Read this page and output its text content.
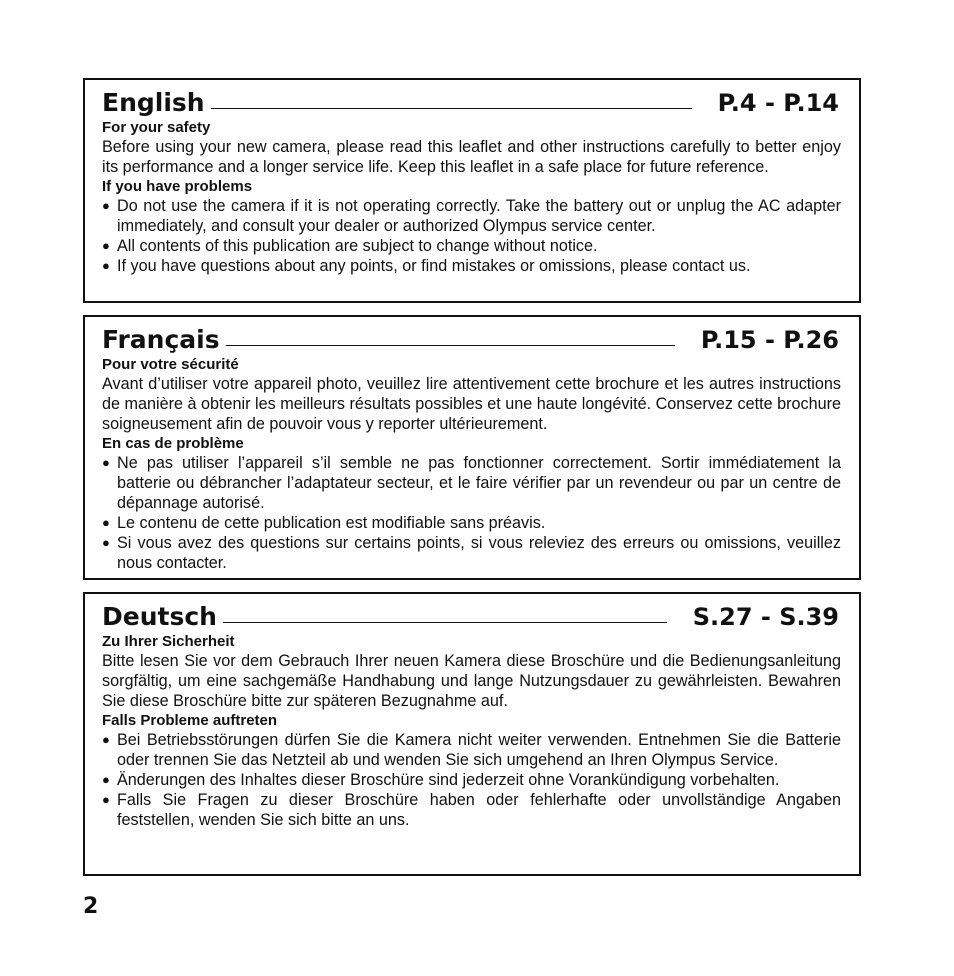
English	P.4 - P.14

For your safety

Before using your new camera, please read this leaflet and other instructions carefully to better enjoy its performance and a longer service life. Keep this leaflet in a safe place for future reference.

If you have problems

● Do not use the camera if it is not operating correctly. Take the battery out or unplug the AC adapter immediately, and consult your dealer or authorized Olympus service center.
● All contents of this publication are subject to change without notice.
● If you have questions about any points, or find mistakes or omissions, please contact us.
Français	P.15 - P.26

Pour votre sécurité

Avant d’utiliser votre appareil photo, veuillez lire attentivement cette brochure et les autres instructions de manière à obtenir les meilleurs résultats possibles et une haute longévité. Conservez cette brochure soigneusement afin de pouvoir vous y reporter ultérieurement.

En cas de problème

● Ne pas utiliser l’appareil s’il semble ne pas fonctionner correctement. Sortir immédiatement la batterie ou débrancher l’adaptateur secteur, et le faire vérifier par un revendeur ou par un centre de dépannage autorisé.
● Le contenu de cette publication est modifiable sans préavis.
● Si vous avez des questions sur certains points, si vous releviez des erreurs ou omissions, veuillez nous contacter.
Deutsch	S.27 - S.39

Zu Ihrer Sicherheit

Bitte lesen Sie vor dem Gebrauch Ihrer neuen Kamera diese Broschüre und die Bedienungsanleitung sorgfältig, um eine sachgemäße Handhabung und lange Nutzungsdauer zu gewährleisten. Bewahren Sie diese Broschüre bitte zur späteren Bezugnahme auf.

Falls Probleme auftreten

● Bei Betriebsstörungen dürfen Sie die Kamera nicht weiter verwenden. Entnehmen Sie die Batterie oder trennen Sie das Netzteil ab und wenden Sie sich umgehend an Ihren Olympus Service.
● Änderungen des Inhaltes dieser Broschüre sind jederzeit ohne Vorankündigung vorbehalten.
● Falls Sie Fragen zu dieser Broschüre haben oder fehlerhafte oder unvollständige Angaben feststellen, wenden Sie sich bitte an uns.
2
